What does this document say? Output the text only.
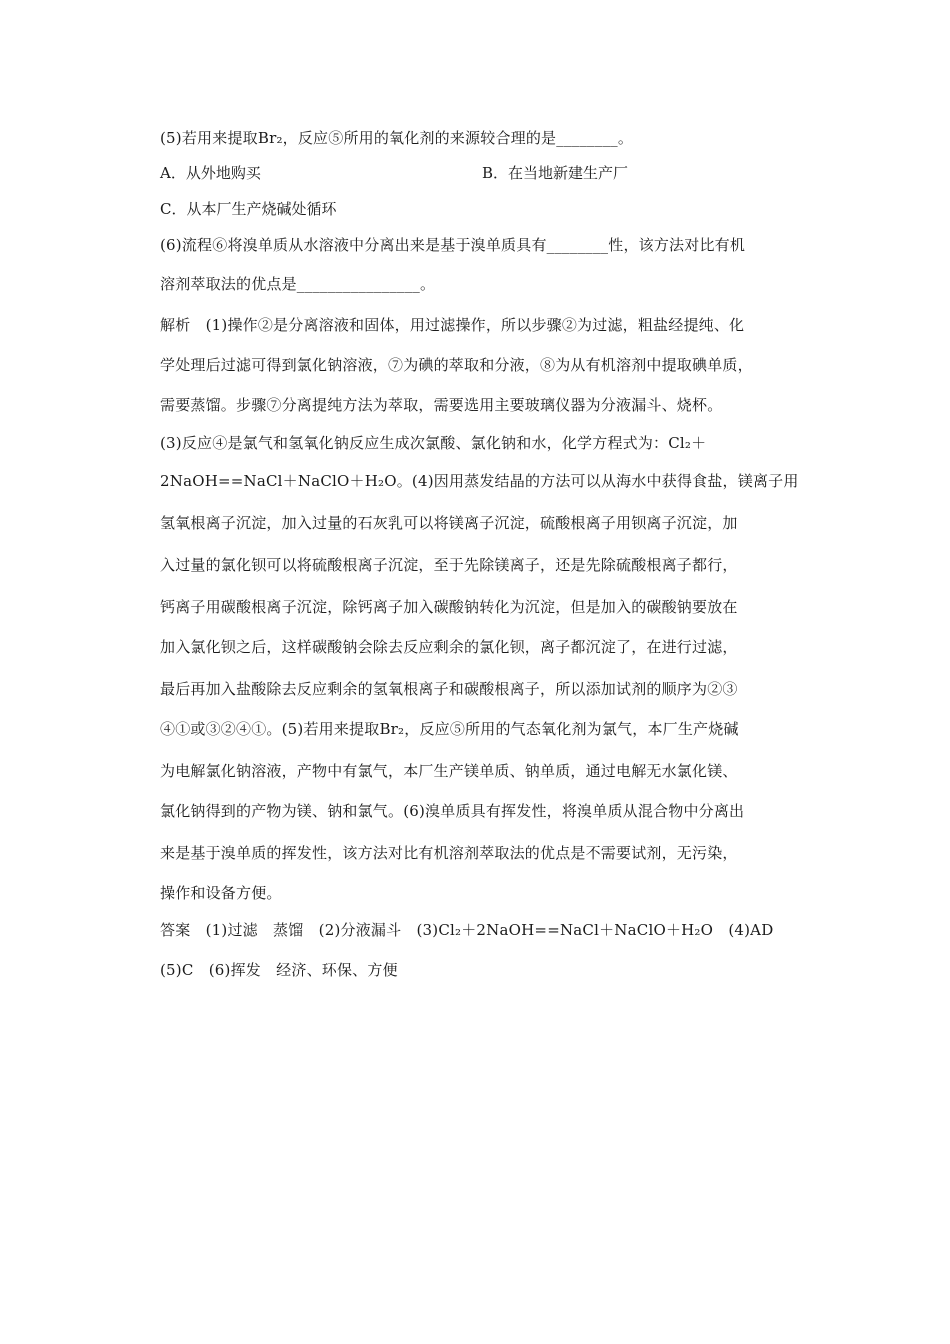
(5)若用来提取Br₂，反应⑤所用的氧化剂的来源较合理的是________。
A．从外地购买	B．在当地新建生产厂
C．从本厂生产烧碱处循环
(6)流程⑥将溴单质从水溶液中分离出来是基于溴单质具有________性，该方法对比有机
溶剂萃取法的优点是________________。
解析　(1)操作②是分离溶液和固体，用过滤操作，所以步骤②为过滤，粗盐经提纯、化
学处理后过滤可得到氯化钠溶液，⑦为碘的萃取和分液，⑧为从有机溶剂中提取碘单质，
需要蒸馏。步骤⑦分离提纯方法为萃取，需要选用主要玻璃仪器为分液漏斗、烧杯。
(3)反应④是氯气和氢氧化钠反应生成次氯酸、氯化钠和水，化学方程式为：Cl₂＋
2NaOH==NaCl＋NaClO＋H₂O。(4)因用蒸发结晶的方法可以从海水中获得食盐，镁离子用
氢氧根离子沉淀，加入过量的石灰乳可以将镁离子沉淀，硫酸根离子用钡离子沉淀，加
入过量的氯化钡可以将硫酸根离子沉淀，至于先除镁离子，还是先除硫酸根离子都行，
钙离子用碳酸根离子沉淀，除钙离子加入碳酸钠转化为沉淀，但是加入的碳酸钠要放在
加入氯化钡之后，这样碳酸钠会除去反应剩余的氯化钡，离子都沉淀了，在进行过滤，
最后再加入盐酸除去反应剩余的氢氧根离子和碳酸根离子，所以添加试剂的顺序为②③
④①或③②④①。(5)若用来提取Br₂，反应⑤所用的气态氧化剂为氯气，本厂生产烧碱
为电解氯化钠溶液，产物中有氯气，本厂生产镁单质、钠单质，通过电解无水氯化镁、
氯化钠得到的产物为镁、钠和氯气。(6)溴单质具有挥发性，将溴单质从混合物中分离出
来是基于溴单质的挥发性，该方法对比有机溶剂萃取法的优点是不需要试剂，无污染，
操作和设备方便。
答案　(1)过滤　蒸馏　(2)分液漏斗　(3)Cl₂＋2NaOH==NaCl＋NaClO＋H₂O　(4)AD
(5)C　(6)挥发　经济、环保、方便
